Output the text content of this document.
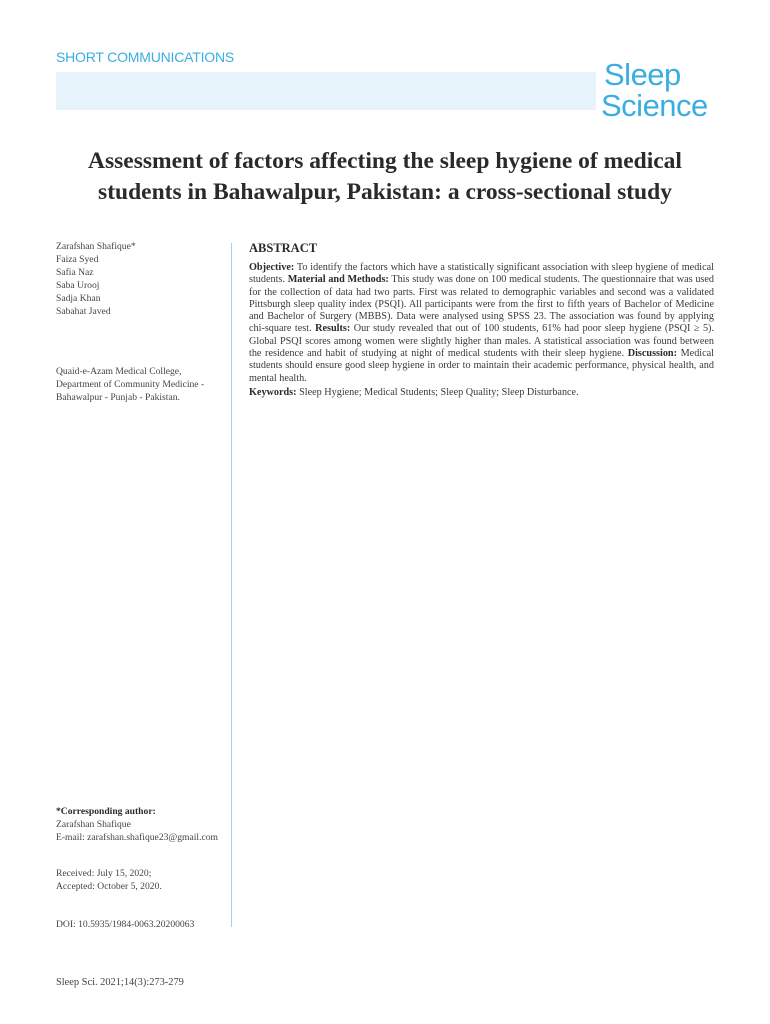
SHORT COMMUNICATIONS	Sleep
Science
Assessment of factors affecting the sleep hygiene of medical
students in Bahawalpur, Pakistan: a cross-sectional study
Zarafshan Shafique*
Faiza Syed
Safia Naz
Saba Urooj
Sadja Khan
Sabahat Javed
Quaid-e-Azam Medical College,
Department of Community Medicine -
Bahawalpur - Punjab - Pakistan.
ABSTRACT
Objective: To identify the factors which have a statistically significant association with sleep hygiene of medical students. Material and Methods: This study was done on 100 medical students. The questionnaire that was used for the collection of data had two parts. First was related to demographic variables and second was a validated Pittsburgh sleep quality index (PSQI). All participants were from the first to fifth years of Bachelor of Medicine and Bachelor of Surgery (MBBS). Data were analysed using SPSS 23. The association was found by applying chi-square test. Results: Our study revealed that out of 100 students, 61% had poor sleep hygiene (PSQI ≥ 5). Global PSQI scores among women were slightly higher than males. A statistical association was found between the residence and habit of studying at night of medical students with their sleep hygiene. Discussion: Medical students should ensure good sleep hygiene in order to maintain their academic performance, physical health, and mental health.
Keywords: Sleep Hygiene; Medical Students; Sleep Quality; Sleep Disturbance.
*Corresponding author:
Zarafshan Shafique
E-mail: zarafshan.shafique23@gmail.com
Received: July 15, 2020;
Accepted: October 5, 2020.
DOI: 10.5935/1984-0063.20200063
Sleep Sci. 2021;14(3):273-279
